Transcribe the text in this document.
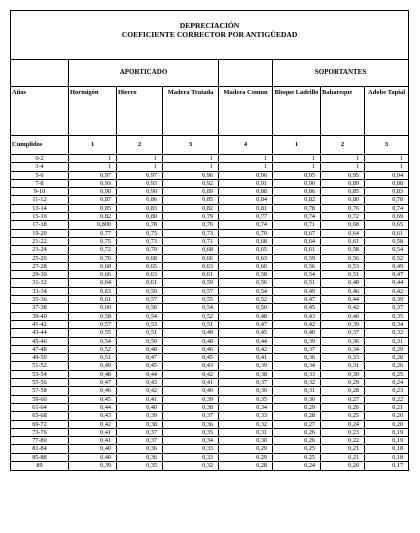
DEPRECIACIÓN
COEFICIENTE CORRECTOR POR ANTIGÜEDAD							

	APORTICADO				SOPORTANTES		
Años	Hormigón	Hierro	Madera Tratada	Madera Comun	Bloque Ladrillo	Bahareque	Adobe Tapial
Cumplidos	1	2	3	4	1	2	3
0-2	1	1	1	1	1	1	1
3-4	1	1	1	1	1	1	1
5-6	0,97	0,97	0,96	0,96	0,95	0,95	0,94
7-8	0,93	0,93	0,92	0,91	0,90	0,89	0,88
9-10	0,90	0,90	0,89	0,88	0,86	0,85	0,83
11-12	0,87	0,86	0,85	0,84	0,82	0,80	0,78
13-14	0,85	0,83	0,82	0,81	0,78	0,76	0,74
15-16	0,82	0,80	0,79	0,77	0,74	0,72	0,69
17-18	0,800	0,78	0,76	0,74	0,71	0,68	0,65
19-20	0,77	0,75	0,73	0,70	0,67	0,64	0,61
21-22	0,75	0,73	0,71	0,68	0,64	0,61	0,58
23-24	0,72	0,70	0,68	0,65	0,61	0,58	0,54
25-26	0,70	0,68	0,66	0,63	0,59	0,56	0,52
27-28	0,68	0,65	0,63	0,60	0,56	0,53	0,49
29-30	0,66	0,63	0,61	0,58	0,54	0,51	0,47
31-32	0,64	0,61	0,59	0,56	0,51	0,48	0,44
33-34	0,63	0,59	0,57	0,54	0,49	0,46	0,42
35-36	0,61	0,57	0,55	0,52	0,47	0,44	0,39
37-38	0,60	0,56	0,54	0,50	0,45	0,42	0,37
39-40	0,58	0,54	0,52	0,48	0,43	0,40	0,35
41-42	0,57	0,53	0,51	0,47	0,42	0,39	0,34
43-44	0,55	0,51	0,49	0,45	0,40	0,37	0,32
45-46	0,54	0,50	0,48	0,44	0,39	0,36	0,31
47-48	0,52	0,48	0,46	0,42	0,37	0,34	0,29
49-50	0,51	0,47	0,45	0,41	0,36	0,33	0,28
51-52	0,49	0,45	0,43	0,39	0,34	0,31	0,26
53-54	0,48	0,44	0,42	0,38	0,33	0,30	0,25
55-56	0,47	0,43	0,41	0,37	0,32	0,29	0,24
57-58	0,46	0,42	0,40	0,36	0,31	0,28	0,23
59-60	0,45	0,41	0,39	0,35	0,30	0,27	0,22
61-64	0,44	0,40	0,38	0,34	0,29	0,26	0,21
65-68	0,43	0,39	0,37	0,33	0,28	0,25	0,20
69-72	0,42	0,38	0,36	0,32	0,27	0,24	0,20
73-76	0,41	0,37	0,35	0,31	0,26	0,23	0,19
77-80	0,41	0,37	0,34	0,30	0,26	0,22	0,19
81-84	0,40	0,36	0,33	0,29	0,25	0,21	0,18
85-88	0,40	0,36	0,33	0,29	0,25	0,21	0,18
89	0,39	0,35	0,32	0,28	0,24	0,20	0,17
